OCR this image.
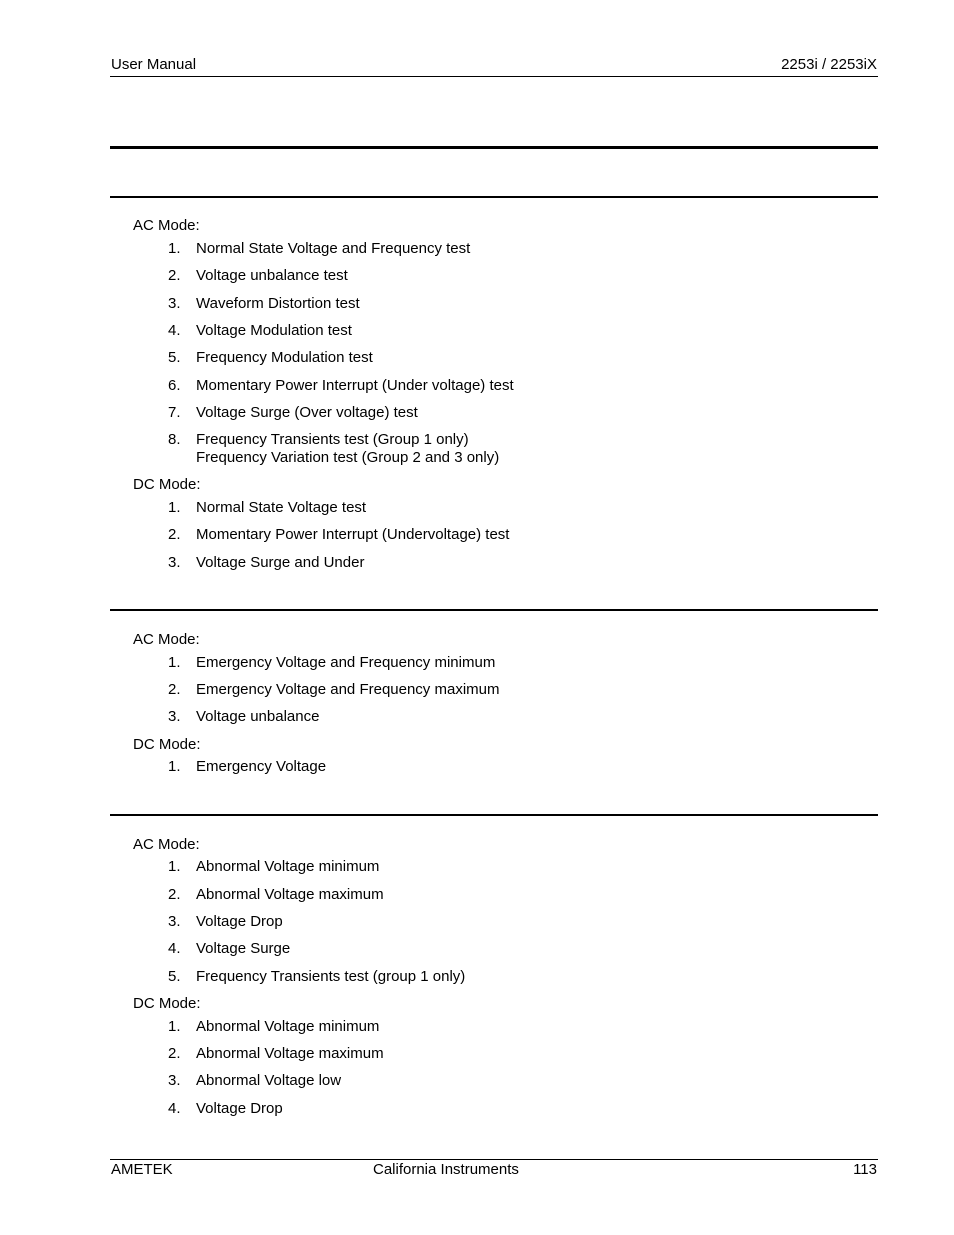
User Manual	2253i / 2253iX
AC Mode:
1. Normal State Voltage and Frequency test
2. Voltage unbalance test
3. Waveform Distortion test
4. Voltage Modulation test
5. Frequency Modulation test
6. Momentary Power Interrupt (Under voltage) test
7. Voltage Surge (Over voltage) test
8. Frequency Transients test (Group 1 only)
Frequency Variation test (Group 2 and 3 only)
DC Mode:
1. Normal State Voltage test
2. Momentary Power Interrupt (Undervoltage) test
3. Voltage Surge and Under
AC Mode:
1. Emergency Voltage and Frequency minimum
2. Emergency Voltage and Frequency maximum
3. Voltage unbalance
DC Mode:
1. Emergency Voltage
AC Mode:
1. Abnormal Voltage minimum
2. Abnormal Voltage maximum
3. Voltage Drop
4. Voltage Surge
5. Frequency Transients test (group 1 only)
DC Mode:
1. Abnormal Voltage minimum
2. Abnormal Voltage maximum
3. Abnormal Voltage low
4. Voltage Drop
AMETEK	California Instruments	113
